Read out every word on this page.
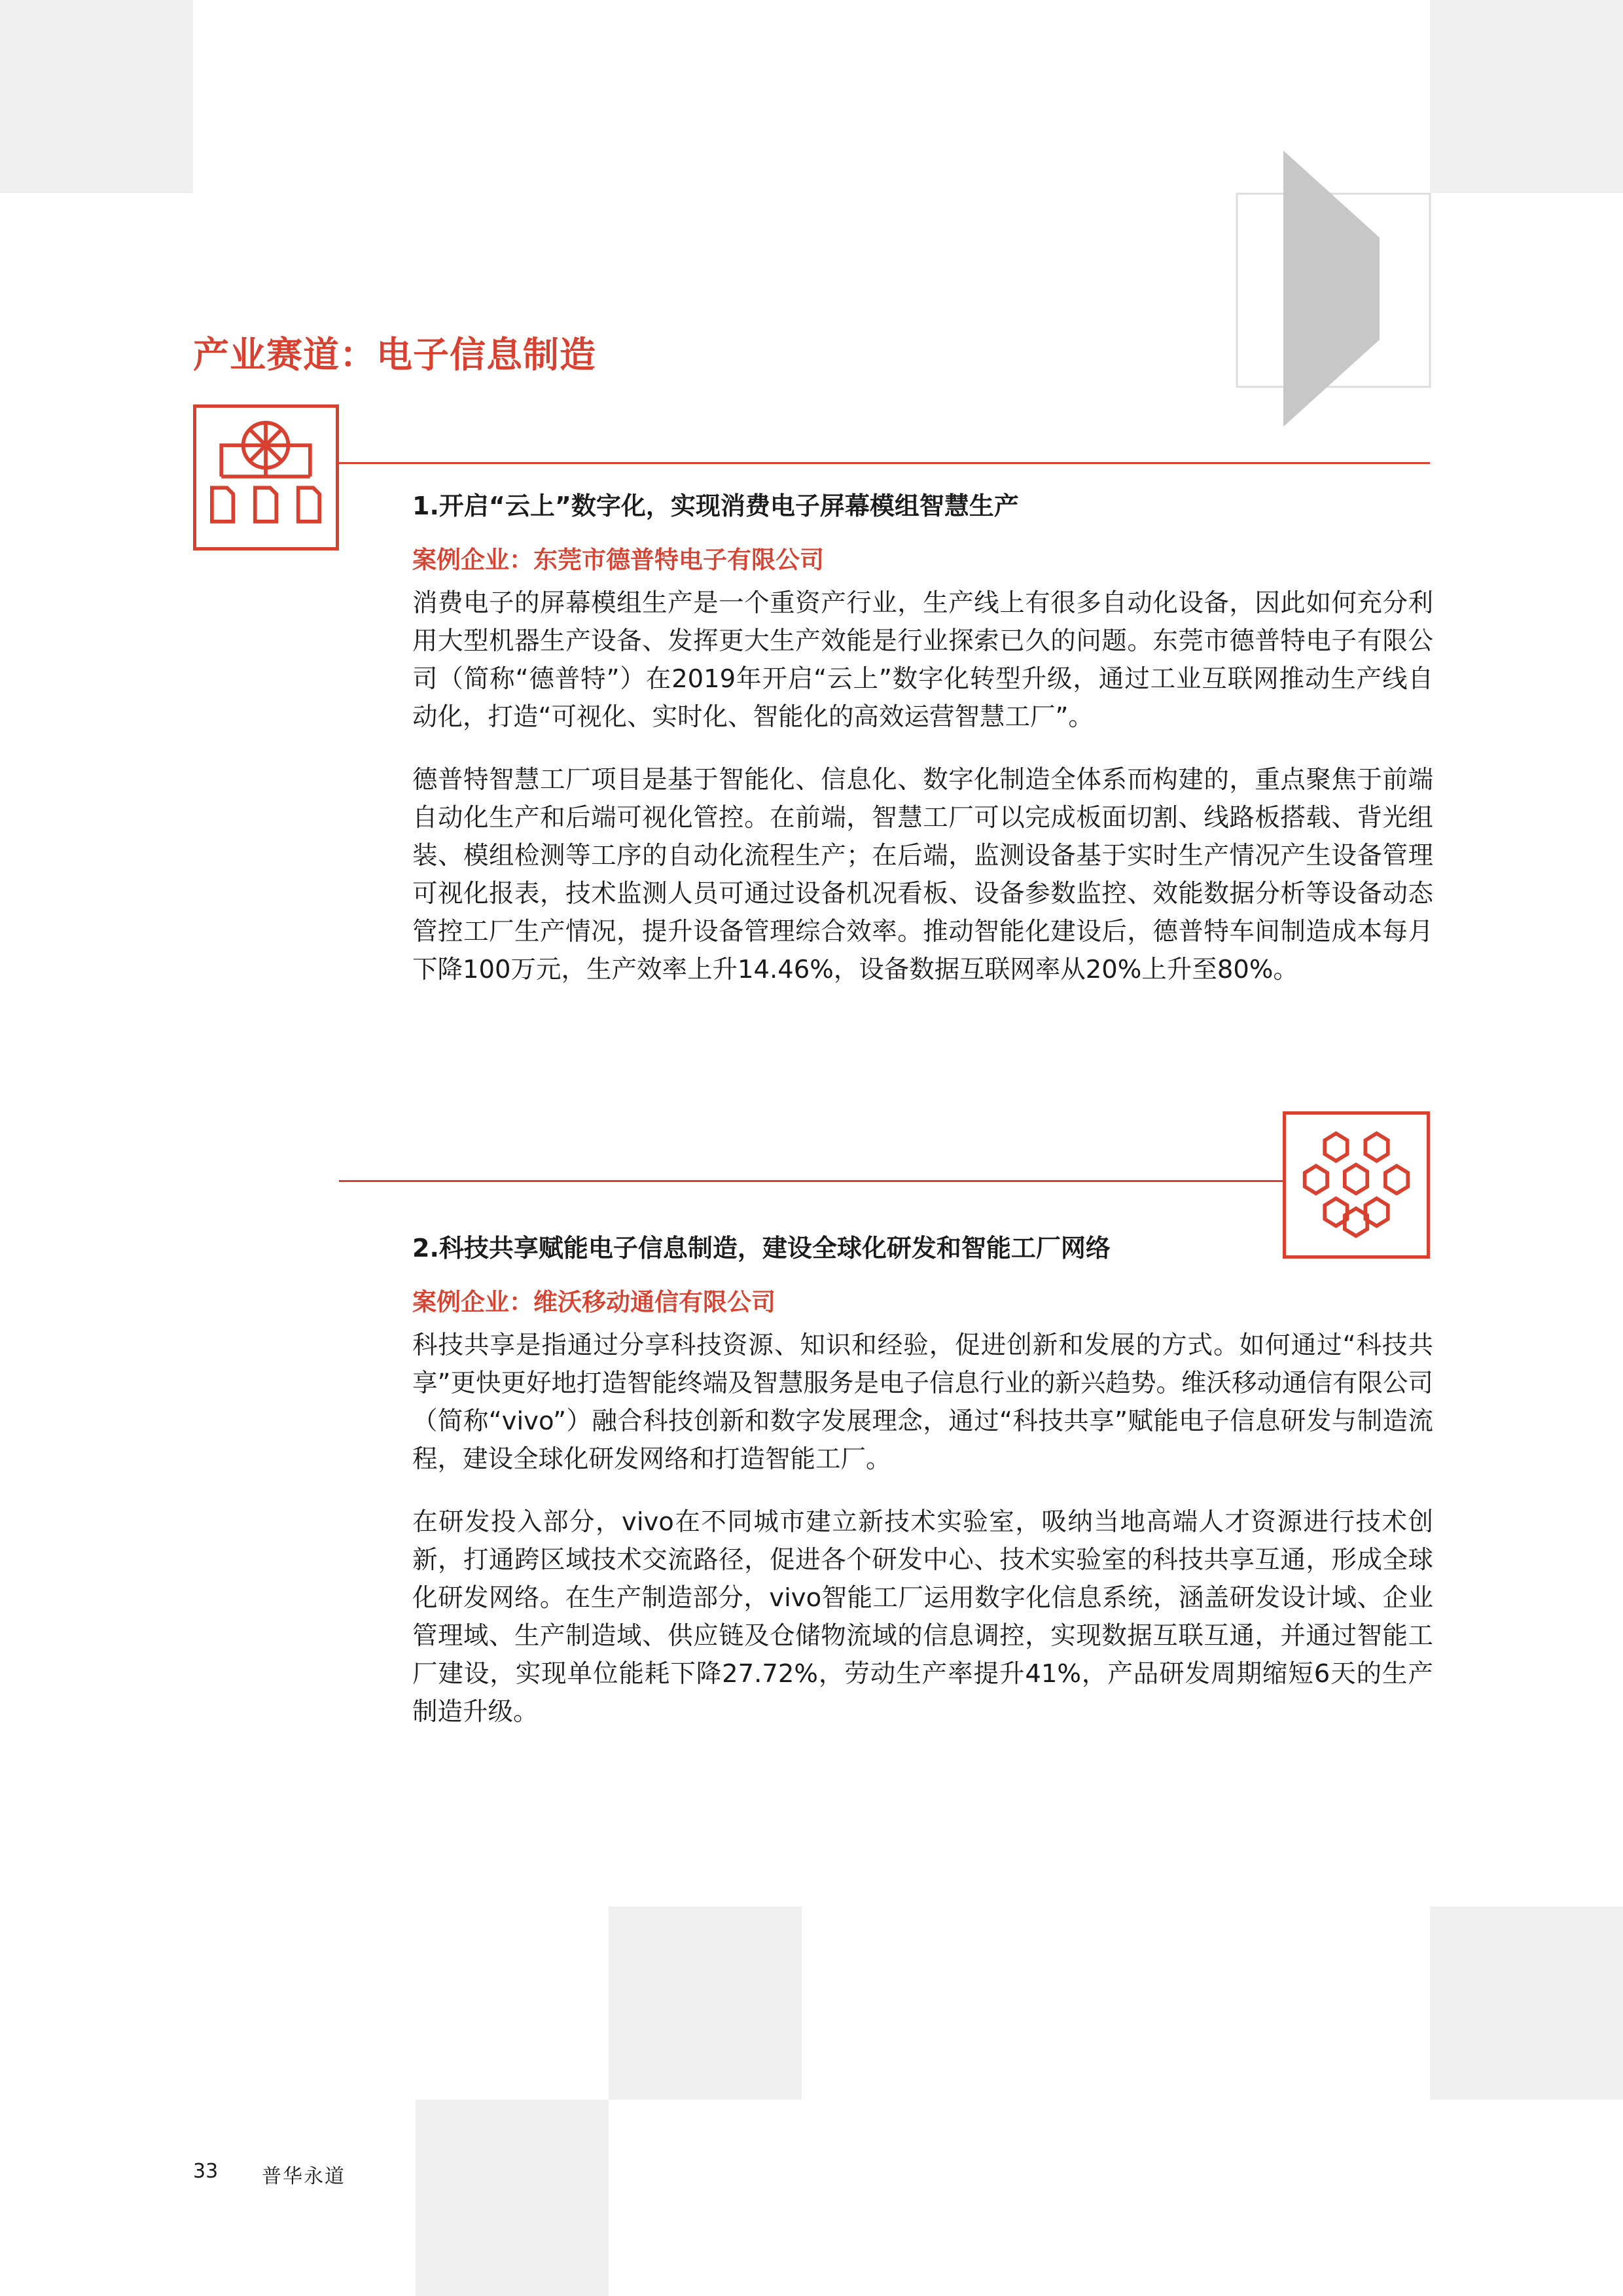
产业赛道：电子信息制造
1.开启“云上”数字化，实现消费电子屏幕模组智慧生产
案例企业：东莞市德普特电子有限公司

消费电子的屏幕模组生产是一个重资产行业，生产线上有很多自动化设备，因此如何充分利用大型机器生产设备、发挥更大生产效能是行业探索已久的问题。东莞市德普特电子有限公司（简称“德普特”）在2019年开启“云上”数字化转型升级，通过工业互联网推动生产线自动化，打造“可视化、实时化、智能化的高效运营智慧工厂”。

德普特智慧工厂项目是基于智能化、信息化、数字化制造全体系而构建的，重点聚焦于前端自动化生产和后端可视化管控。在前端，智慧工厂可以完成板面切割、线路板搭载、背光组装、模组检测等工序的自动化流程生产；在后端，监测设备基于实时生产情况产生设备管理可视化报表，技术监测人员可通过设备机况看板、设备参数监控、效能数据分析等设备动态管控工厂生产情况，提升设备管理综合效率。推动智能化建设后，德普特车间制造成本每月下降100万元，生产效率上升14.46%，设备数据互联网率从20%上升至80%。

2.科技共享赋能电子信息制造，建设全球化研发和智能工厂网络
案例企业：维沃移动通信有限公司

科技共享是指通过分享科技资源、知识和经验，促进创新和发展的方式。如何通过“科技共享”更快更好地打造智能终端及智慧服务是电子信息行业的新兴趋势。维沃移动通信有限公司（简称“vivo”）融合科技创新和数字发展理念，通过“科技共享”赋能电子信息研发与制造流程，建设全球化研发网络和打造智能工厂。

在研发投入部分，vivo在不同城市建立新技术实验室，吸纳当地高端人才资源进行技术创新，打通跨区域技术交流路径，促进各个研发中心、技术实验室的科技共享互通，形成全球化研发网络。在生产制造部分，vivo智能工厂运用数字化信息系统，涵盖研发设计域、企业管理域、生产制造域、供应链及仓储物流域的信息调控，实现数据互联互通，并通过智能工厂建设，实现单位能耗下降27.72%，劳动生产率提升41%，产品研发周期缩短6天的生产制造升级。

33 普华永道
